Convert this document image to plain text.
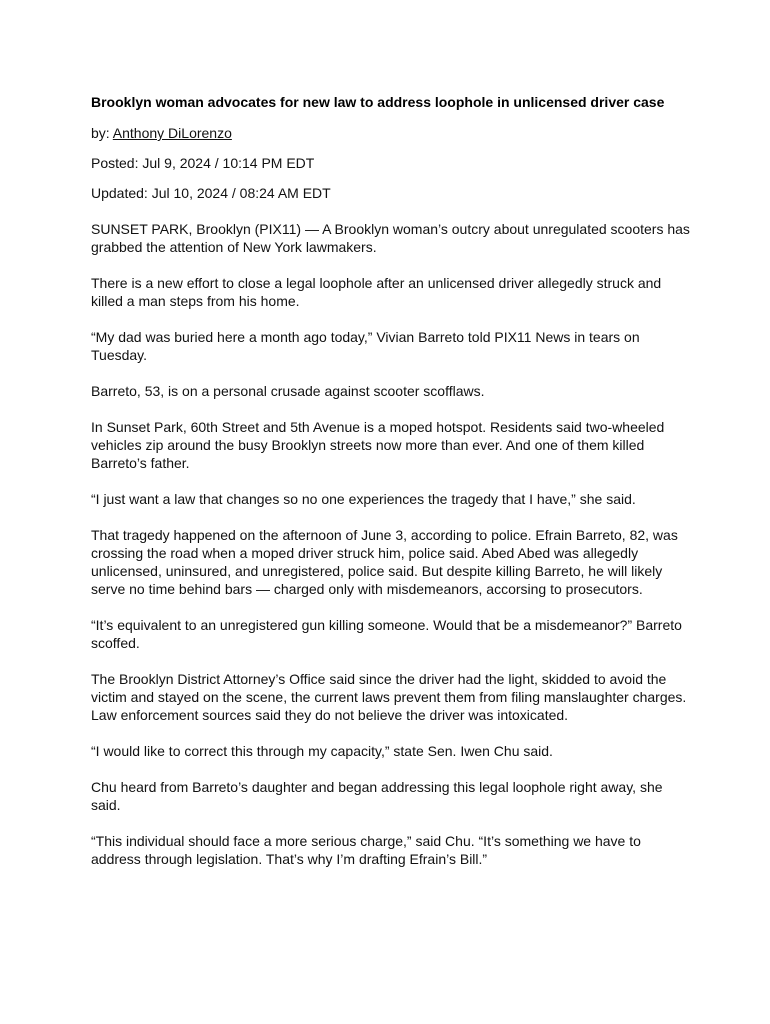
Brooklyn woman advocates for new law to address loophole in unlicensed driver case
by: Anthony DiLorenzo
Posted: Jul 9, 2024 / 10:14 PM EDT
Updated: Jul 10, 2024 / 08:24 AM EDT

SUNSET PARK, Brooklyn (PIX11) — A Brooklyn woman’s outcry about unregulated scooters has grabbed the attention of New York lawmakers.

There is a new effort to close a legal loophole after an unlicensed driver allegedly struck and killed a man steps from his home.

“My dad was buried here a month ago today,” Vivian Barreto told PIX11 News in tears on Tuesday.

Barreto, 53, is on a personal crusade against scooter scofflaws.

In Sunset Park, 60th Street and 5th Avenue is a moped hotspot. Residents said two-wheeled vehicles zip around the busy Brooklyn streets now more than ever. And one of them killed Barreto’s father.

“I just want a law that changes so no one experiences the tragedy that I have,” she said.

That tragedy happened on the afternoon of June 3, according to police. Efrain Barreto, 82, was crossing the road when a moped driver struck him, police said. Abed Abed was allegedly unlicensed, uninsured, and unregistered, police said. But despite killing Barreto, he will likely serve no time behind bars — charged only with misdemeanors, accorsing to prosecutors.

“It’s equivalent to an unregistered gun killing someone. Would that be a misdemeanor?” Barreto scoffed.

The Brooklyn District Attorney’s Office said since the driver had the light, skidded to avoid the victim and stayed on the scene, the current laws prevent them from filing manslaughter charges. Law enforcement sources said they do not believe the driver was intoxicated.

“I would like to correct this through my capacity,” state Sen. Iwen Chu said.

Chu heard from Barreto’s daughter and began addressing this legal loophole right away, she said.

“This individual should face a more serious charge,” said Chu. “It’s something we have to address through legislation. That’s why I’m drafting Efrain’s Bill.”
